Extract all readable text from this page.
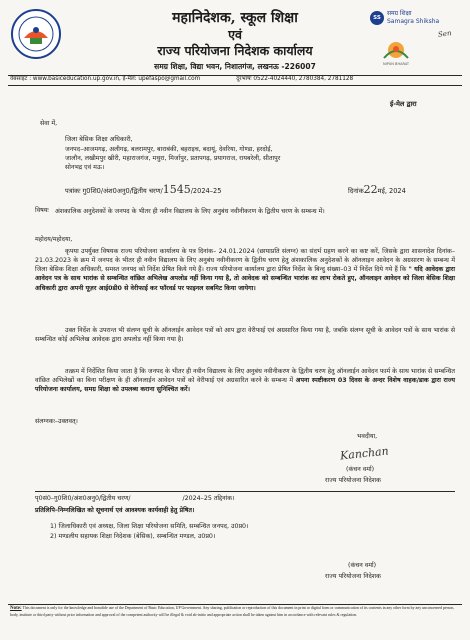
महानिदेशक, स्कूल शिक्षा
एवं
राज्य परियोजना निदेशक कार्यालय
समग्र शिक्षा, विद्या भवन, निशातगंज, लखनऊ -226007
SS
समग्र शिक्षा
Samagra Shiksha
Sen
NIPUN BHARAT
वेबसाइट : www.basiceducation.up.gov.in, ई-मेल: upefaspo@gmail.com                    दूरभाषः 0522-4024440, 2780384, 2781128
ई-मेल द्वारा
सेवा में,
जिला बेसिक शिक्षा अधिकारी,
जनपद–आजमगढ़, अलीगढ़, बलरामपुर, बाराबंकी, बहराइच, बदायूं, देवरिया, गोण्डा, हरदोई,
जालौन, लखीमपुर खीरी, महाराजगंज, मथुरा, मिर्जापुर, प्रतापगढ़, प्रयागराज, रायबरेली, सीतापुर
सोनभद्र एवं मऊ।
पत्रांकः गु0शि0/अंश0अनु0/द्वितीय चरण/1545/2024–25	दिनांक22मई, 2024
विषयः अंशकालिक अनुदेशकों के जनपद के भीतर ही नवीन विद्यालय के लिए अनुबंध नवीनीकरण के द्वितीय चरण के सम्बन्ध में।
महोदय/महोदया,
कृपया उपर्युक्त विषयक राज्य परियोजना कार्यालय के पत्र दिनांक– 24.01.2024 (छायाप्रति संलग्न) का संदर्भ ग्रहण करने का कष्ट करें, जिसके द्वारा शासनादेश दिनांक– 21.03.2023 के क्रम में जनपद के भीतर ही नवीन विद्यालय के लिए अनुबंध नवीनीकरण के द्वितीय चरण हेतु अंशकालिक अनुदेशकों के ऑनलाइन आवेदन के अग्रसारण के सम्बन्ध में जिला बेसिक शिक्षा अधिकारी, समस्त जनपद को निर्देश प्रेषित किये गये हैं। राज्य परियोजना कार्यालय द्वारा प्रेषित निर्देश के बिन्दु संख्या–03 में निर्देश दिये गये हैं कि " यदि आवेदक द्वारा आवेदन पत्र के साथ भारांक से सम्बन्धित वांछित अभिलेख अपलोड नहीं किया गया है, तो आवेदक को सम्बन्धित भारांक का लाभ रोकते हुए, ऑनलाइन आवेदन को जिला बेसिक शिक्षा अधिकारी द्वारा अपनी यूज़र आई0डी0 से वेरीफाई कर फॉरवर्ड पर फाइनल सबमिट किया जायेगा।
उक्त निर्देश के उपरान्त भी संलग्न सूची के ऑनलाईन आवेदन पत्रों को आप द्वारा वेरीफाई एवं अग्रसारित किया गया है, जबकि संलग्न सूची के आवेदन पत्रों के साथ भारांक से सम्बन्धित कोई अभिलेख आवेदक द्वारा अपलोड नहीं किया गया है।
तत्क्रम में निर्देशित किया जाता है कि जनपद के भीतर ही नवीन विद्यालय के लिए अनुबंध नवीनीकरण के द्वितीय चरण हेतु ऑनलाईन आवेदन फार्म के साथ भारांक से सम्बन्धित वांछित अभिलेखों का बिना परीक्षण के ही ऑनलाईन आवेदन पत्रों को वेरीफाई एवं अग्रसारित करने के सम्बन्ध में अपना स्पष्टीकरण 03 दिवस के अन्दर विशेष वाहक/डाक द्वारा राज्य परियोजना कार्यालय, समग्र शिक्षा को उपलब्ध कराना सुनिश्चित करें।
संलग्नकः–उक्तवत्।
भवदीया,
Kanchan
(कंचन वर्मा)
राज्य परियोजना निदेशक
पृ0सं0–गु0शि0/अंश0अनु0/द्वितीय चरण/                          /2024–25 तद्दिनांक।
प्रतिलिपि–निम्नलिखित को सूचनार्थ एवं आवश्यक कार्यवाही हेतु प्रेषित।
1) जिलाधिकारी एवं अध्यक्ष, जिला शिक्षा परियोजना समिति, सम्बन्धित जनपद, उ0प्र0।
2) मण्डलीय सहायक शिक्षा निदेशक (बेसिक), सम्बन्धित मण्डल, उ0प्र0।
(कंचन वर्मा)
राज्य परियोजना निदेशक
Note: This document is only for the knowledge and bonafide use of the Department of Basic Education, UP Government. Any sharing, publication or reproduction of this document in print or digital form or communication of its contents in any other form by any unconcerned person, body, institute or third party without prior information and approval of the competent authority will be illegal & void ab-initio and appropriate action shall be taken against him in accordance with relevant rules & regulation.
